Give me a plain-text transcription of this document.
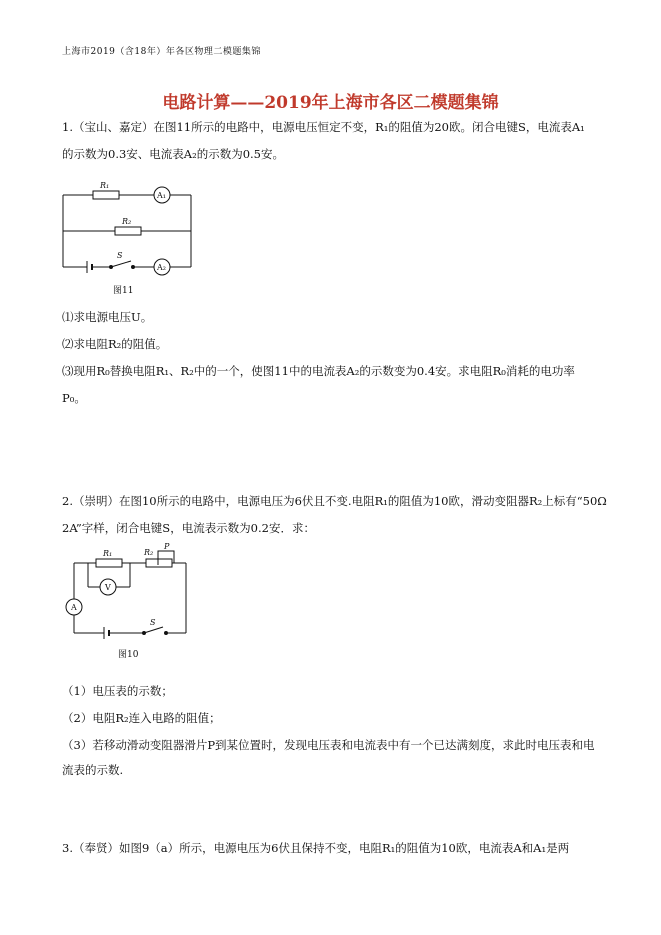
上海市2019（含18年）年各区物理二模题集锦
电路计算——2019年上海市各区二模题集锦
1.（宝山、嘉定）在图11所示的电路中，电源电压恒定不变，R₁的阻值为20欧。闭合电键S，电流表A₁
的示数为0.3安、电流表A₂的示数为0.5安。
R₁
R₂
A₁
A₂
S
图11
⑴求电源电压U。
⑵求电阻R₂的阻值。
⑶现用R₀替换电阻R₁、R₂中的一个，使图11中的电流表A₂的示数变为0.4安。求电阻R₀消耗的电功率
P₀。
2.（崇明）在图10所示的电路中，电源电压为6伏且不变.电阻R₁的阻值为10欧，滑动变阻器R₂上标有“50Ω
2A”字样，闭合电键S，电流表示数为0.2安．求：
R₁	R₂
P
V
A
S
图10
（1）电压表的示数；
（2）电阻R₂连入电路的阻值；
（3）若移动滑动变阻器滑片P到某位置时，发现电压表和电流表中有一个已达满刻度，求此时电压表和电
流表的示数.
3.（奉贤）如图9（a）所示，电源电压为6伏且保持不变，电阻R₁的阻值为10欧，电流表A和A₁是两
